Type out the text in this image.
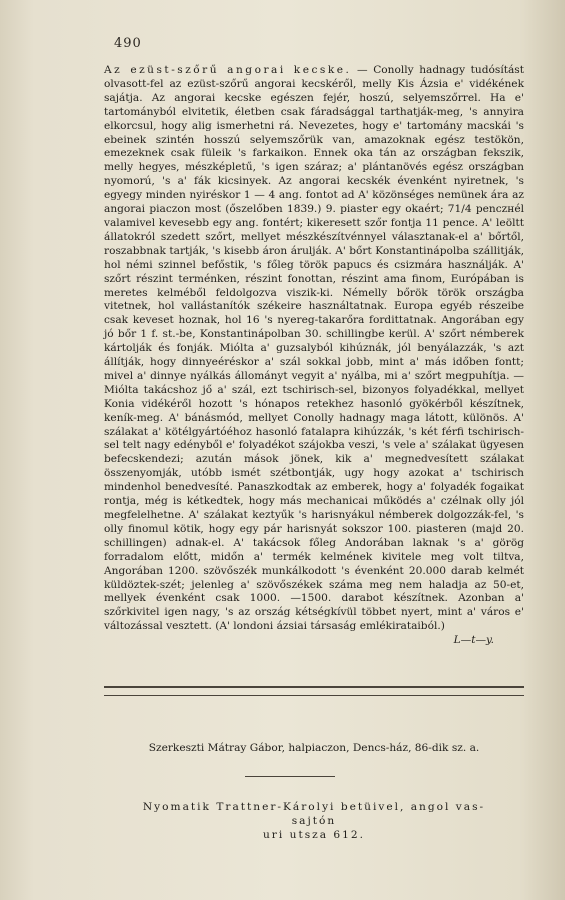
490

Az ezüst-szőrű angorai kecske. — Conolly hadnagy tudósítást olvasott-fel az ezüst-szőrű angorai kecskéről, melly Kis Ázsia e' vidékének sajátja. Az angorai kecske egészen fejér, hoszú, selyemszőrrel. Ha e' tartományból elvitetik, életben csak fáradsággal tarthatják-meg, 's annyira elkorcsul, hogy alig ismerhetni rá. Nevezetes, hogy e' tartomány macskái 's ebeinek szintén hosszú selyemszőrük van, amazoknak egész testökön, emezeknek csak füleik 's farkaikon. Ennek oka tán az országban fekszik, melly hegyes, mészképletű, 's igen száraz; a' plántanövés egész országban nyomorú, 's a' fák kicsinyek. Az angorai kecskék évenként nyiretnek, 's egyegy minden nyiréskor 1 — 4 ang. fontot ad A' közönséges nemünek ára az angorai piaczon most (őszelőben 1839.) 9. piaster egy okaért; 71/4 penczнél valamivel kevesebb egy ang. fontért; kikeresett szőr fontja 11 pence. A' leöltt állatokról szedett szőrt, mellyet mészkészítvénnyel választanak-el a' bőrtől, roszabbnak tartják, 's kisebb áron árulják. A' bőrt Konstantinápolba szállitják, hol némi szinnel befőstik, 's főleg török papucs és csizmára használják. A' szőrt részint terménken, részint fonottan, részint ama finom, Európában is meretes kelméből feldolgozva viszik-ki. Némelly bőrök török országba vitetnek, hol vallástanítók székeire használtatnak. Europa egyéb részeibe csak keveset hoznak, hol 16 's nyereg-takarőra fordittatnak. Angorában egy jó bőr 1 f. st.-be, Konstantinápolban 30. schillingbe kerül. A' szőrt némberek kártolják és fonják. Miólta a' guzsalyból kihúznák, jól benyálazzák, 's azt állítják, hogy dinnyeéréskor a' szál sokkal jobb, mint a' más időben fontt; mivel a' dinnye nyálkás állományt vegyit a' nyálba, mi a' szőrt megpuhítja. — Miólta takácshoz jő a' szál, ezt tschirisch-sel, bizonyos folyadékkal, mellyet Konia vidékéről hozott 's hónapos retekhez hasonló gyökérből készítnek, keník-meg. A' bánásmód, mellyet Conolly hadnagy maga látott, különös. A' szálakat a' kötélgyártóéhoz hasonló fatalapra kihúzzák, 's két férfi tschirisch-sel telt nagy edényből e' folyadékot szájokba veszi, 's vele a' szálakat ügyesen befecskendezi; azután mások jönek, kik a' megnedvesített szálakat összenyomják, utóbb ismét szétbontják, ugy hogy azokat a' tschirisch mindenhol benedvesíté. Panaszkodtak az emberek, hogy a' folyadék fogaikat rontja, még is kétkedtek, hogy más mechanicai működés a' czélnak olly jól megfelelhetne. A' szálakat keztyűk 's harisnyákul némberek dolgozzák-fel, 's olly finomul kötik, hogy egy pár harisnyát sokszor 100. piasteren (majd 20. schillingen) adnak-el. A' takácsok főleg Andorában laknak 's a' görög forradalom előtt, midőn a' termék kelmének kivitele meg volt tiltva, Angorában 1200. szövőszék munkálkodott 's évenként 20.000 darab kelmét küldöztek-szét; jelenleg a' szövőszékek száma meg nem haladja az 50-et, mellyek évenként csak 1000. —1500. darabot készítnek. Azonban a' szőrkivitel igen nagy, 's az ország kétségkívül többet nyert, mint a' város e' változással vesztett. (A' londoni ázsiai társaság emlékirataiból.)
L—t—y.

Szerkeszti Mátray Gábor, halpiaczon, Dencs-ház, 86-dik sz. a.
Nyomatik Trattner-Károlyi betüivel, angol vas-sajtón
uri utsza 612.
